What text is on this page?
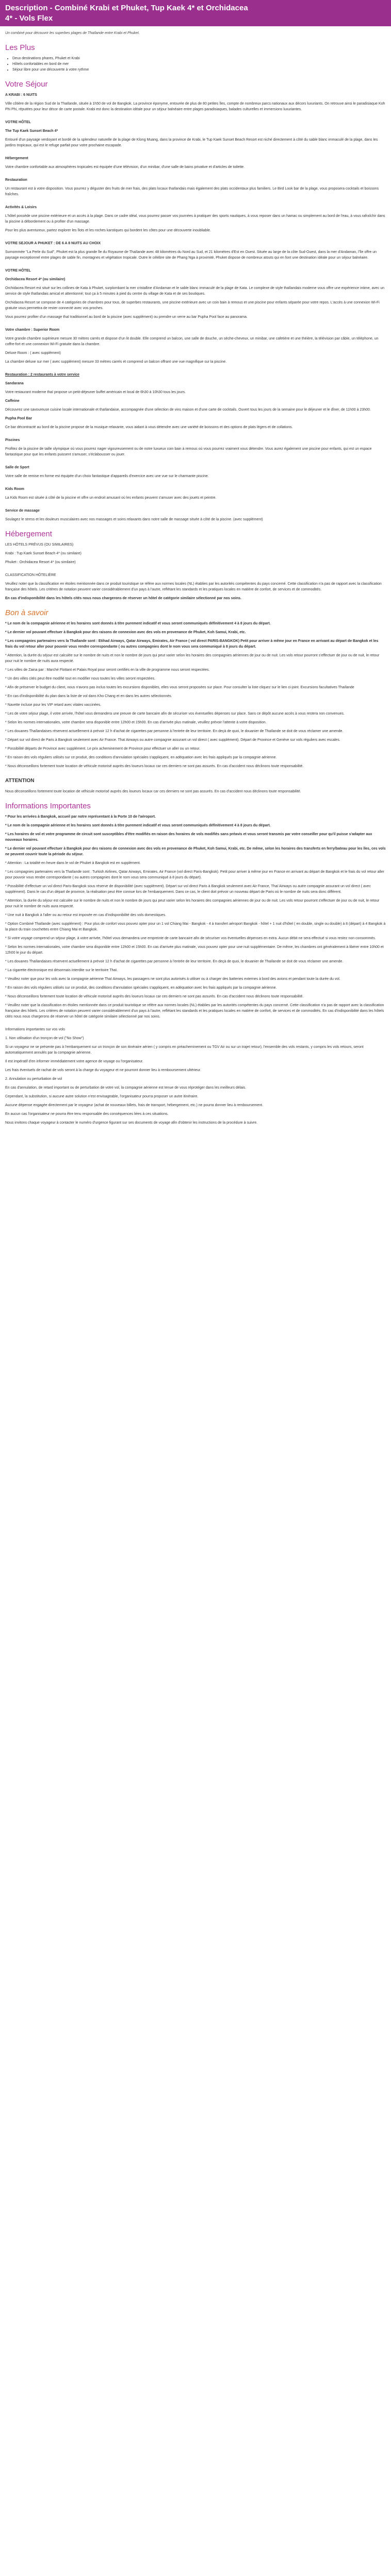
Description - Combiné Krabi et Phuket, Tup Kaek 4* et Orchidacea
4* - Vols Flex

Un combiné pour découvrir les superbes plages de Thaïlande entre Krabi et Phuket.

Les Plus
• Deux destinations phares, Phuket et Krabi
• Hôtels confortables en bord de mer
• Séjour libre pour une découverte à votre rythme
Votre Séjour

A KRABI : 6 NUITS

Ville côtière de la région Sud de la Thaïlande, située à 1h50 de vol de Bangkok. La province éponyme, entourée de plus de 80 petites îles, compte de nombreux parcs nationaux aux décors luxuriants. On retrouve ainsi le paradisiaque Koh Phi Phi, réputées pour leur décor de carte postale. Krabi est donc la destination idéale pour un séjour balnéaire entre plages paradisiaques, balades culturelles et immersions luxuriantes.

VOTRE HÔTEL

The Tup Kaek Sunset Beach 4*

Entouré d'un paysage verdoyant et bordé de la splendeur naturelle de la plage de Klong Muang, dans la province de Krabi, le Tup Kaek Sunset Beach Resort est niché directement à côté du sable blanc immaculé de la plage, dans les jardins tropicaux, qui est le refuge parfait pour votre prochaine escapade.

Hébergement

Votre chambre confortable aux atmosphères tropicales est équipée d'une télévision, d'un minibar, d'une salle de bains privative et d'articles de toilette.

Restauration

Un restaurant est à votre disposition. Vous pourrez y déguster des fruits de mer frais, des plats locaux thaïlandais mais également des plats occidentaux plus familiers. Le Bird Look bar de la plage, vous proposera cocktails et boissons fraîches.

Activités & Loisirs

L'hôtel possède une piscine extérieure et un accès à la plage. Dans ce cadre idéal, vous pourrez passer vos journées à pratiquer des sports nautiques, à vous reposer dans un hamac ou simplement au bord de l'eau, à vous rafraîchir dans la piscine à débordement ou à profiter d'un massage.

Pour les plus aventureux, partez explorer les îlots et les roches karstiques qui bordent les côtes pour une découverte inoubliable.

VOTRE SEJOUR A PHUKET : DE 6 A 8 NUITS AU CHOIX

Surnommée "La Perle du Sud", Phuket est la plus grande île du Royaume de Thaïlande avec 48 kilomètres du Nord au Sud, et 21 kilomètres d'Est en Ouest. Située au large de la côte Sud-Ouest, dans la mer d'Andaman, l'île offre un paysage exceptionnel entre plages de sable fin, montagnes et végétation tropicale. Outre le célèbre site de Phang Nga à proximité, Phuket dispose de nombreux atouts qui en font une destination idéale pour un séjour balnéaire.

VOTRE HÔTEL

Orchidacea Resort 4* (ou similaire)

Orchidacea Resort est situé sur les collines de Kata à Phuket, surplombant la mer cristalline d'Andaman et le sable blanc immaculé de la plage de Kata. Le complexe de style thaïlandais moderne vous offre une expérience intime, avec un service de style thaïlandais amical et attentionné; tout ça à 5 minutes à pied du centre du village de Kata et de ses boutiques.

Orchidacea Resort se compose de 4 catégories de chambres pour tous, de superbes restaurants, une piscine extérieure avec un coin bain à remous et une piscine pour enfants séparée pour votre repos. L'accès à une connexion Wi-Fi gratuite vous permettra de rester connecté avec vos proches.

Vous pourrez profiter d'un massage thaï traditionnel au bord de la piscine (avec supplément) ou prendre un verre au bar Pupha Pool face au panorama.

Votre chambre : Superior Room

Votre grande chambre supérieure mesure 30 mètres carrés et dispose d'un lit double. Elle comprend un balcon, une salle de douche, un sèche-cheveux, un minibar, une cafetière et une théière, la télévision par câble, un téléphone, un coffre-fort et une connexion Wi-Fi gratuite dans la chambre.

Deluxe Room : ( avec supplément)

La chambre deluxe sur mer ( avec supplément) mesure 33 mètres carrés et comprend un balcon offrant une vue magnifique sur la piscine.

Restauration : 2 restaurants à votre service

Sandarana

Votre restaurant moderne thaï propose un petit-déjeuner buffet américain et local de 6h30 à 10h30 tous les jours.

Caffeine

Découvrez une savoureuse cuisine locale internationale et thaïlandaise, accompagnée d'une sélection de vins maison et d'une carte de cocktails. Ouvert tous les jours de la semaine pour le déjeuner et le dîner, de 11h00 à 23h00.

Pupha Pool Bar

Ce bar décontracté au bord de la piscine propose de la musique relaxante, vous aidant à vous détendre avec une variété de boissons et des options de plats légers et de collations.

Piscines

Profitez de la piscine de taille olympique où vous pourrez nager vigoureusement ou de notre luxueux coin bain à remous où vous pourrez vraiment vous détendre. Vous aurez également une piscine pour enfants, qui est un espace fantastique pour que les enfants puissent s'amuser, s'éclabousser ou jouer.

Salle de Sport

Votre salle de remise en forme est équipée d'un choix fantastique d'appareils d'exercice avec une vue sur le charmante piscine.

Kids Room

La Kids Room est située à côté de la piscine et offre un endroit amusant où les enfants peuvent s'amuser avec des jouets et peintre.

Service de massage

Soulagez le stress et les douleurs musculaires avec nos massages et soins relaxants dans notre salle de massage située à côté de la piscine. (avec supplément)

Hébergement

LES HÔTELS PRÉVUS (OU SIMILAIRES)

Krabi : Tup Kaek Sunset Beach 4* (ou similaire)

Phuket : Orchidacea Resort 4* (ou similaire)

CLASSIFICATION HÔTELIÈRE

Veuillez noter que la classification en étoiles mentionnée dans ce produit touristique se réfère aux normes locales (NL) établies par les autorités compétentes du pays concerné. Cette classification n'a pas de rapport avec la classification française des hôtels. Les critères de notation peuvent varier considérablement d'un pays à l'autre, reflétant les standards et les pratiques locales en matière de confort, de services et de commodités.

En cas d'indisponibilité dans les hôtels cités nous nous chargerons de réserver un hôtel de catégorie similaire sélectionné par nos soins.

Bon à savoir

* Le nom de la compagnie aérienne et les horaires sont donnés à titre purement indicatif et vous seront communiqués définitivement 4 à 8 jours du départ.

* Le dernier vol pouvant effectuer à Bangkok pour des raisons de connexion avec des vols en provenance de Phuket, Koh Samui, Krabi, etc.

* Les compagnies partenaires vers la Thaïlande sont : Etihad Airways, Qatar Airways, Emirates, Air France ( vol direct PARIS-BANGKOK) Petit pour arriver à même jour en France en arrivant au départ de Bangkok et les frais du vol retour aller pour pouvoir vous rendre correspondante ( ou autres compagnies dont le nom vous sera communiqué à 8 jours du départ.

* Attention, la durée du séjour est calculée sur le nombre de nuits et non le nombre de jours qui peut varier selon les horaires des compagnies aériennes de jour ou de nuit. Les vols retour pourront s'effectuer de jour ou de nuit, le retour pour nuit le nombre de nuits aura respecté.

* Les villes de Zaina par : Marché Flottant et Palais Royal pour seront certifiés en la ville de programme nous seront respectées.

* Un des villes cités peut être modifié tout en modifier nous toutes les villes seront respectées.

* Afin de préserver le budget du client, nous n'avons pas inclus toutes les excursions disponibles, elles vous seront proposées sur place. Pour consulter la liste cliquez sur le lien ci-joint. Excursions facultatives Thaïlande

* En cas d'indisponibilité du plan dans la liste de vol dans Kho Chang et en dans les autres sélectionnés.

* Navette incluse pour les VIP retard avec vitales vaccinées.

* Les de votre séjour plage, il votre arrivée, l'hôtel vous demandera une preuve de carte bancaire afin de sécuriser vos éventuelles dépenses sur place. Sans ce dépôt aucune accès à vous restera non convenues.

* Selon les normes internationales, votre chambre sera disponible entre 12h00 et 15h00. En cas d'arrivée plus matinale, veuillez prévoir l'attente à votre disposition.

* Les douanes Thaïlandaises réservent actuellement à prévoir 12 h d'achat de cigarettes par personne à l'entrée de leur territoire. En deçà de quoi, le douanier de Thaïlande se doit de vous réclamer une amende.

* Départ sur vol direct de Paris à Bangkok seulement avec Air France. Thaï Airways ou autre compagnie assurant un vol direct ( avec supplément). Départ de Province et Genève sur vols réguliers avec escales.

* Possibilité départs de Province avec supplément. Le prix acheminement de Province pour effectuer un aller ou un retour.

* En raison des vols réguliers utilisés sur ce produit, des conditions d'annulation spéciales s'appliquent, en adéquation avec les frais appliqués par la compagnie aérienne.

* Nous déconseillons fortement toute location de véhicule motorisé auprès des loueurs locaux car ces derniers ne sont pas assurés. En cas d'accident nous déclinons toute responsabilité.

ATTENTION

Nous déconseillons fortement toute location de véhicule motorisé auprès des loueurs locaux car ces derniers ne sont pas assurés. En cas d'accident nous déclinons toute responsabilité.

Informations Importantes

* Pour les arrivées à Bangkok, accueil par notre représentant à la Porte 10 de l'aéroport.

* Le nom de la compagnie aérienne et les horaires sont donnés à titre purement indicatif et vous seront communiqués définitivement 4 à 8 jours du départ.

* Les horaires de vol et votre programme de circuit sont susceptibles d'être modifiés en raison des horaires de vols modifiés sans préavis et vous seront transmis par votre conseiller pour qu'il puisse s'adapter aux nouveaux horaires.

* Le dernier vol pouvant effectuer à Bangkok pour des raisons de connexion avec des vols en provenance de Phuket, Koh Samui, Krabi, etc. De même, selon les horaires des transferts en ferry/bateau pour les îles, ces vols ne peuvent couvrir toute la période du séjour.

* Attention : La totalité en heure dans le vol de Phuket à Bangkok est en supplément.

* Les compagnies partenaires vers la Thaïlande sont : Turkish Airlines, Qatar Airways, Emirates, Air France (vol direct Paris-Bangkok). Petit pour arriver à même jour en France en arrivant au départ de Bangkok et le frais du vol retour aller pour pouvoir vous rendre correspondante ( ou autres compagnies dont le nom vous sera communiqué à 8 jours du départ).

* Possibilité d'effectuer un vol direct Paris-Bangkok sous réserve de disponibilité (avec supplément). Départ sur vol direct Paris à Bangkok seulement avec Air France, Thaï Airways ou autre compagnie assurant un vol direct ( avec supplément). Dans le cas d'un départ de province, la réalisation peut être connue lors de l'embarquement. Dans ce cas, le client doit prévoir un nouveau départ de Paris où le nombre de nuits sera donc différent.

* Attention, la durée du séjour est calculée sur le nombre de nuits et non le nombre de jours qui peut varier selon les horaires des compagnies aériennes de jour ou de nuit. Les vols retour pourront s'effectuer de jour ou de nuit, le retour pour nuit le nombre de nuits aura respecté.

* Une nuit à Bangkok à l'aller ou au retour est imposée en cas d'indisponibilité des vols domestiques.

* Option Combiné Thaïlande (avec supplément) : Pour plus de confort vous pouvez opter pour un 1 vol Chiang Mai - Bangkok - 4 à transfert aéroport Bangkok - hôtel + 1 nuit d'hôtel ( en double, single ou double) à 8 (départ) à 4 Bangkok à la place du train couchettes entre Chiang Mai et Bangkok.

* Si votre voyage comprend un séjour plage, à votre arrivée, l'hôtel vous demandera une empreinte de carte bancaire afin de sécuriser vos éventuelles dépenses en extra. Aucun débit ne sera effectué si vous restez non consommés.

* Selon les normes internationales, votre chambre sera disponible entre 12h00 et 15h00. En cas d'arrivée plus matinale, vous pouvez opter pour une nuit supplémentaire. De même, les chambres ont généralement à libérer entre 10h00 et 12h00 le jour du départ.

* Les douanes Thaïlandaises réservent actuellement à prévoir 12 h d'achat de cigarettes par personne à l'entrée de leur territoire. En deçà de quoi, le douanier de Thaïlande se doit de vous réclamer une amende.

* La cigarette électronique est désormais interdite sur le territoire Thaï.

* Veuillez noter que pour les vols avec la compagnie aérienne Thaï Airways, les passagers ne sont plus autorisés à utiliser ou à charger des batteries externes à bord des avions et pendant toute la durée du vol.

* En raison des vols réguliers utilisés sur ce produit, des conditions d'annulation spéciales s'appliquent, en adéquation avec les frais appliqués par la compagnie aérienne.

* Nous déconseillons fortement toute location de véhicule motorisé auprès des loueurs locaux car ces derniers ne sont pas assurés. En cas d'accident nous déclinons toute responsabilité.

* Veuillez noter que la classification en étoiles mentionnée dans ce produit touristique se réfère aux normes locales (NL) établies par les autorités compétentes du pays concerné. Cette classification n'a pas de rapport avec la classification française des hôtels. Les critères de notation peuvent varier considérablement d'un pays à l'autre, reflétant les standards et les pratiques locales en matière de confort, de services et de commodités. En cas d'indisponibilité dans les hôtels cités nous nous chargerons de réserver un hôtel de catégorie similaire sélectionné par nos soins.

Informations importantes sur vos vols

1. Non utilisation d'un tronçon de vol ("No Show")

Si un voyageur ne se présente pas à l'embarquement sur un tronçon de son itinéraire aérien ( y compris en préacheminement ou TGV Air ou sur un trajet retour), l'ensemble des vols restants, y compris les vols retours, seront automatiquement annulés par la compagnie aérienne.

Il est impératif d'en informer immédiatement votre agence de voyage ou l'organisateur.

Les frais éventuels de rachat de vols seront à la charge du voyageur et ne pourront donner lieu à remboursement ultérieur.

2. Annulation ou perturbation de vol

En cas d'annulation, de retard important ou de perturbation de votre vol, la compagnie aérienne est tenue de vous réprotéger dans les meilleurs délais.

Cependant, la substitution, si aucune autre solution n'est envisageable, l'organisateur pourra proposer un autre itinéraire.

Aucune dépense engagée directement par le voyageur (achat de nouveaux billets, frais de transport, hébergement, etc.) ne pourra donner lieu à remboursement.

En aucun cas l'organisateur ne pourra être tenu responsable des conséquences liées à ces situations.

Nous invitons chaque voyageur à contacter le numéro d'urgence figurant sur ses documents de voyage afin d'obtenir les instructions de la procédure à suivre.
